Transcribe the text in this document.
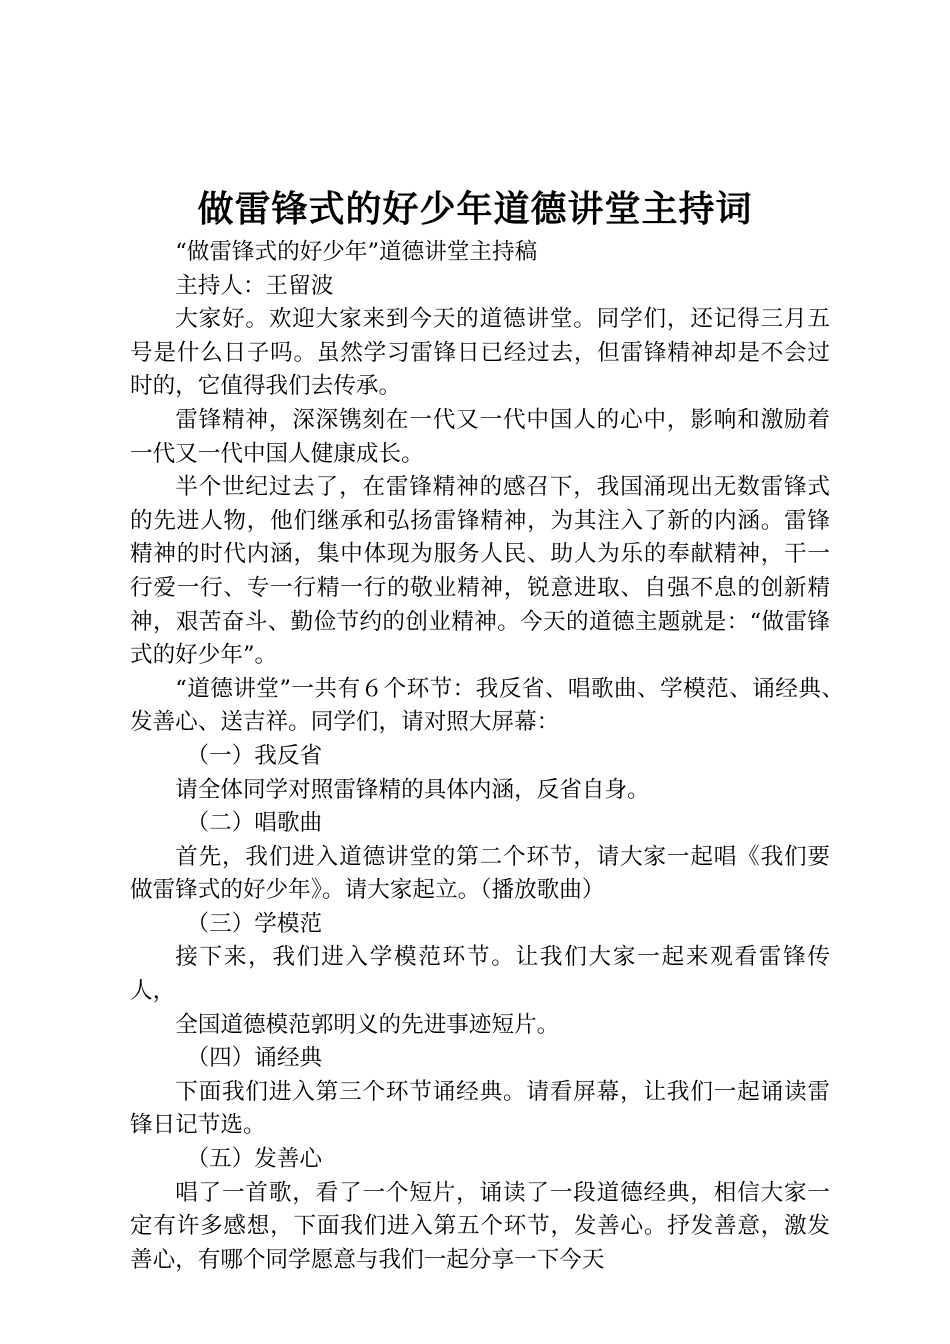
做雷锋式的好少年道德讲堂主持词

“做雷锋式的好少年”道德讲堂主持稿

主持人：王留波

大家好。欢迎大家来到今天的道德讲堂。同学们，还记得三月五号是什么日子吗。虽然学习雷锋日已经过去，但雷锋精神却是不会过时的，它值得我们去传承。

雷锋精神，深深镌刻在一代又一代中国人的心中，影响和激励着一代又一代中国人健康成长。

半个世纪过去了，在雷锋精神的感召下，我国涌现出无数雷锋式的先进人物，他们继承和弘扬雷锋精神，为其注入了新的内涵。雷锋精神的时代内涵，集中体现为服务人民、助人为乐的奉献精神，干一行爱一行、专一行精一行的敬业精神，锐意进取、自强不息的创新精神，艰苦奋斗、勤俭节约的创业精神。今天的道德主题就是：“做雷锋式的好少年”。

“道德讲堂”一共有６个环节：我反省、唱歌曲、学模范、诵经典、发善心、送吉祥。同学们，请对照大屏幕：

（一）我反省

请全体同学对照雷锋精的具体内涵，反省自身。

（二）唱歌曲

首先，我们进入道德讲堂的第二个环节，请大家一起唱《我们要做雷锋式的好少年》。请大家起立。（播放歌曲）

（三）学模范

接下来，我们进入学模范环节。让我们大家一起来观看雷锋传人，

全国道德模范郭明义的先进事迹短片。

（四）诵经典

下面我们进入第三个环节诵经典。请看屏幕，让我们一起诵读雷锋日记节选。

（五）发善心

唱了一首歌，看了一个短片，诵读了一段道德经典，相信大家一定有许多感想，下面我们进入第五个环节，发善心。抒发善意，激发善心，有哪个同学愿意与我们一起分享一下今天
